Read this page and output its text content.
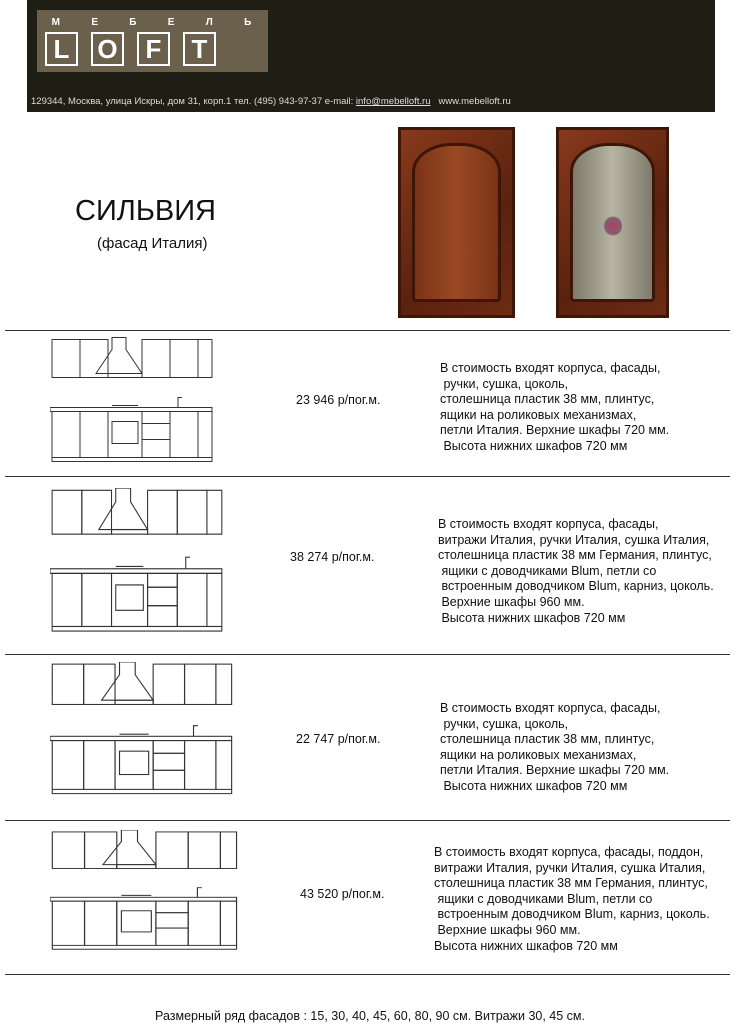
М	Е	Б	Е	Л	Ь
L	O	F	T
129344, Москва, улица Искры, дом 31, корп.1 тел. (495) 943-97-37 e-mail: info@mebelloft.ru www.mebelloft.ru
СИЛЬВИЯ
(фасад Италия)
23 946 р/пог.м.
В стоимость входят корпуса, фасады,
ручки, сушка, цоколь,
столешница пластик 38 мм, плинтус,
ящики на роликовых механизмах,
петли Италия. Верхние шкафы 720 мм.
Высота нижних шкафов 720 мм
38 274 р/пог.м.
В стоимость входят корпуса, фасады,
витражи Италия, ручки Италия, сушка Италия,
столешница пластик 38 мм Германия, плинтус,
ящики с доводчиками Blum, петли со
встроенным доводчиком Blum, карниз, цоколь.
Верхние шкафы 960 мм.
Высота нижних шкафов 720 мм
22 747 р/пог.м.
В стоимость входят корпуса, фасады,
ручки, сушка, цоколь,
столешница пластик 38 мм, плинтус,
ящики на роликовых механизмах,
петли Италия. Верхние шкафы 720 мм.
Высота нижних шкафов 720 мм
43 520 р/пог.м.
В стоимость входят корпуса, фасады, поддон,
витражи Италия, ручки Италия, сушка Италия,
столешница пластик 38 мм Германия, плинтус,
ящики с доводчиками Blum, петли со
встроенным доводчиком Blum, карниз, цоколь.
Верхние шкафы 960 мм.
Высота нижних шкафов 720 мм
Размерный ряд фасадов : 15, 30, 40, 45, 60, 80, 90 см. Витражи 30, 45 см.
